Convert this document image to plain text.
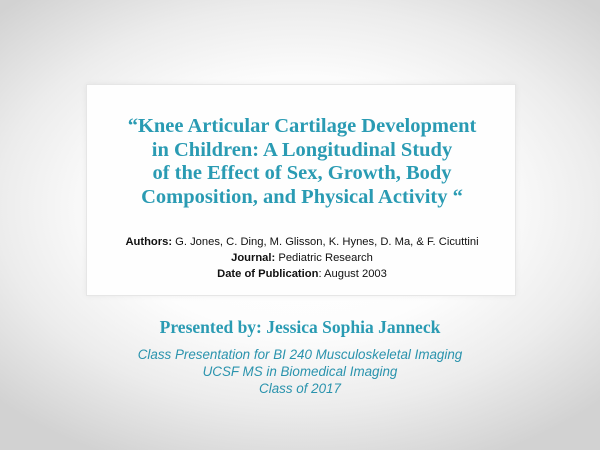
“Knee Articular Cartilage Development
in Children: A Longitudinal Study
of the Effect of Sex, Growth, Body
Composition, and Physical Activity “
Authors: G. Jones, C. Ding, M. Glisson, K. Hynes, D. Ma, & F. Cicuttini
Journal: Pediatric Research
Date of Publication: August 2003
Presented by: Jessica Sophia Janneck
Class Presentation for BI 240 Musculoskeletal Imaging
UCSF MS in Biomedical Imaging
Class of 2017
